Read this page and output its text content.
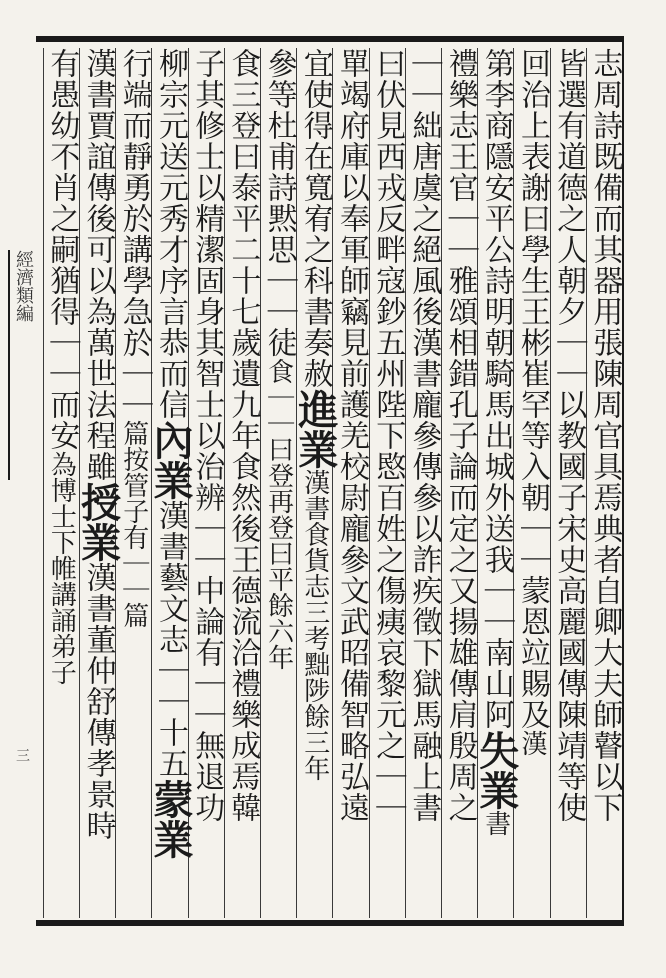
經濟類編
三	志周詩既備而其器用張陳周官具焉典者自卿大夫師瞽以下
皆選有道德之人朝夕｜｜以教國子宋史高麗國傳陳靖等使
回治上表謝曰學生王彬崔罕等入朝｜｜蒙恩竝賜及
漢
第李商隱安平公詩明朝騎馬出城外送我｜｜南山阿
失業
書
禮樂志王官｜｜雅頌相錯孔子論而定之又揚雄傳肩殷周之
｜｜絀唐虞之絕風後漢書龐參傳參以詐疾徵下獄馬融上書
曰伏見西戎反畔寇鈔五州陛下愍百姓之傷痍哀黎元之｜｜
單竭府庫以奉軍師竊見前護羌校尉龐參文武昭備智略弘遠
宜使得在寬宥之科書奏赦
進業
漢書食貨志三考黜陟餘三年
參等杜甫詩黙思｜｜徒
食｜｜曰登再登曰平餘六年
食三登曰泰平二十七歲遺九年食然後王德流洽禮樂成焉韓
子其修士以精潔固身其智士以治辨｜｜中論有｜｜無退功
柳宗元送元秀才序言恭而信
內業
漢書藝文志｜｜十五
蒙業
行端而靜勇於講學急於｜｜
篇按管子有｜｜篇
漢書賈誼傳後可以為萬世法程雖
授業
漢書董仲舒傳孝景時
有愚幼不肖之嗣猶得｜｜而安
為博士下帷講誦弟子
